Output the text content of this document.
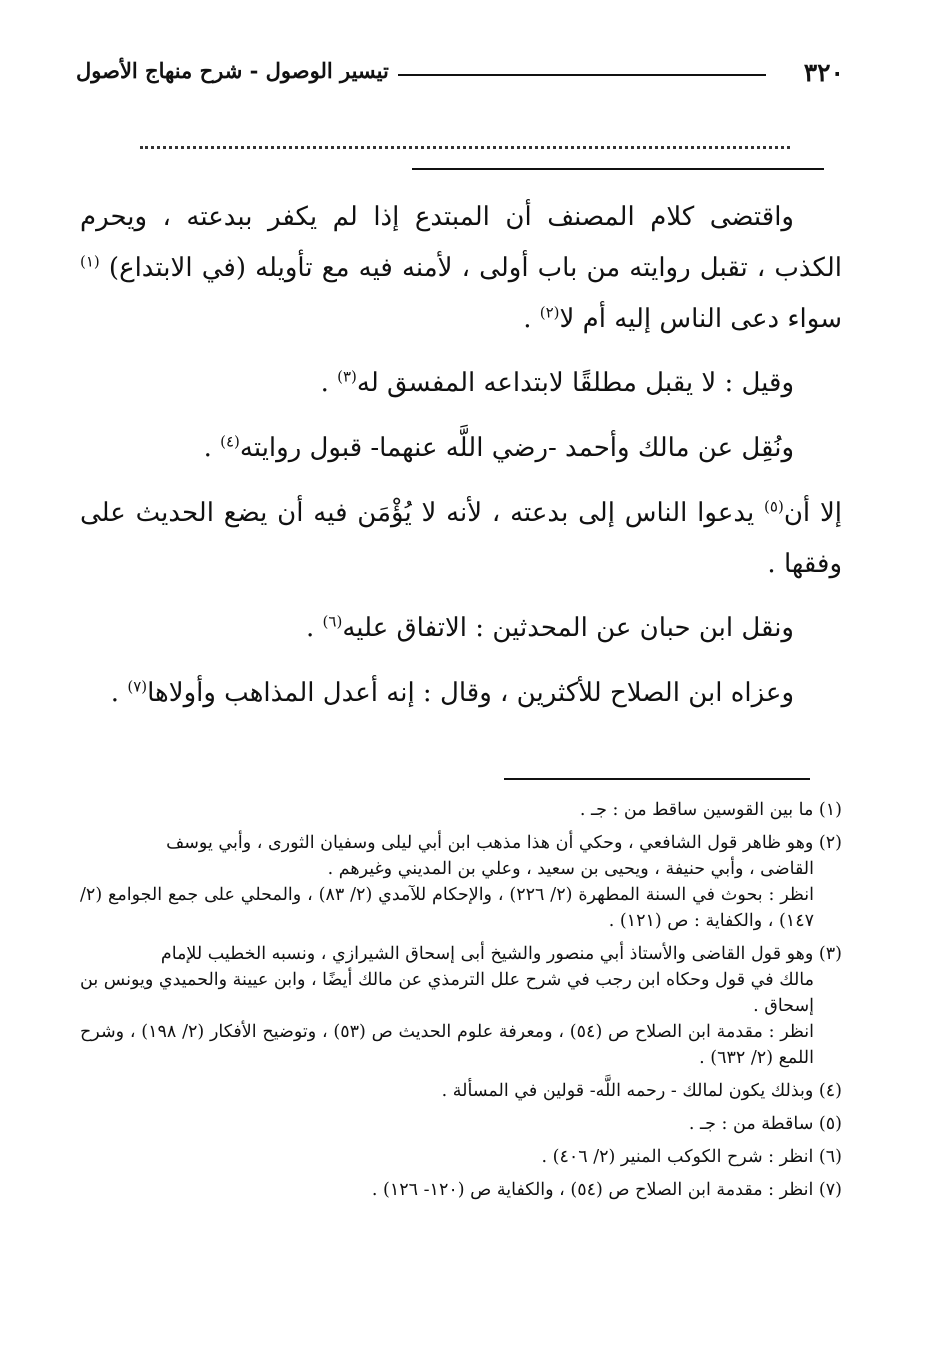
٣٢٠
تيسير الوصول - شرح منهاج الأصول

واقتضى كلام المصنف أن المبتدع إذا لم يكفر ببدعته ، ويحرم الكذب ، تقبل روايته من باب أولى ، لأمنه فيه مع تأويله (في الابتداع) $^{(١)}$ سواء دعى الناس إليه أم لا$^{(٢)}$ .

وقيل : لا يقبل مطلقًا لابتداعه المفسق له$^{(٣)}$ .

ونُقِل عن مالك وأحمد -رضي اللَّه عنهما- قبول روايته$^{(٤)}$ .

إلا أن$^{(٥)}$ يدعوا الناس إلى بدعته ، لأنه لا يُؤْمَن فيه أن يضع الحديث على وفقها .

ونقل ابن حبان عن المحدثين : الاتفاق عليه$^{(٦)}$ .

وعزاه ابن الصلاح للأكثرين ، وقال : إنه أعدل المذاهب وأولاها$^{(٧)}$ .

(١) ما بين القوسين ساقط من : جـ .
(٢) وهو ظاهر قول الشافعي ، وحكي أن هذا مذهب ابن أبي ليلى وسفيان الثورى ، وأبي يوسف
القاضى ، وأبي حنيفة ، ويحيى بن سعيد ، وعلي بن المديني وغيرهم .
انظر : بحوث في السنة المطهرة (٢/ ٢٢٦) ، والإحكام للآمدي (٢/ ٨٣) ، والمحلي على جمع الجوامع (٢/ ١٤٧) ، والكفاية : ص (١٢١) .
(٣) وهو قول القاضى والأستاذ أبي منصور والشيخ أبى إسحاق الشيرازي ، ونسبه الخطيب للإمام
مالك في قول وحكاه ابن رجب في شرح علل الترمذي عن مالك أيضًا ، وابن عيينة والحميدي ويونس بن إسحاق .
انظر : مقدمة ابن الصلاح ص (٥٤) ، ومعرفة علوم الحديث ص (٥٣) ، وتوضيح الأفكار (٢/ ١٩٨) ، وشرح اللمع (٢/ ٦٣٢) .
(٤) وبذلك يكون لمالك - رحمه اللَّه- قولين في المسألة .
(٥) ساقطة من : جـ .
(٦) انظر : شرح الكوكب المنير (٢/ ٤٠٦) .
(٧) انظر : مقدمة ابن الصلاح ص (٥٤) ، والكفاية ص (١٢٠- ١٢٦) .
